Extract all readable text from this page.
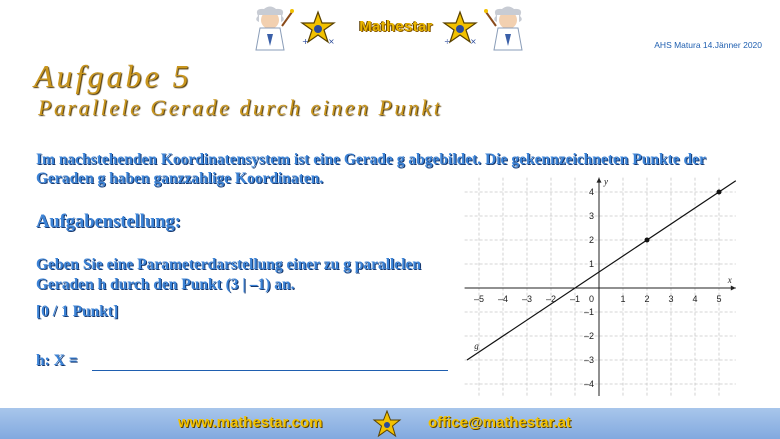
+ ×
Mathestar
÷ ×	AHS Matura 14.Jänner 2020
Aufgabe 5
Parallele Gerade durch einen Punkt
Im nachstehenden Koordinatensystem ist eine Gerade g abgebildet. Die gekennzeichneten Punkte der Geraden g haben ganzzahlige Koordinaten.
Aufgabenstellung:
Geben Sie eine Parameterdarstellung einer zu g parallelen Geraden h durch den Punkt (3 | ‒1) an.
[0 / 1 Punkt]
h: X =
–5 –4 –3 –2 –1	1 2 3 4 5
4
3
2
1
–1
–2
–3
–4
0
x
y
g
www.mathestar.com	office@mathestar.at
